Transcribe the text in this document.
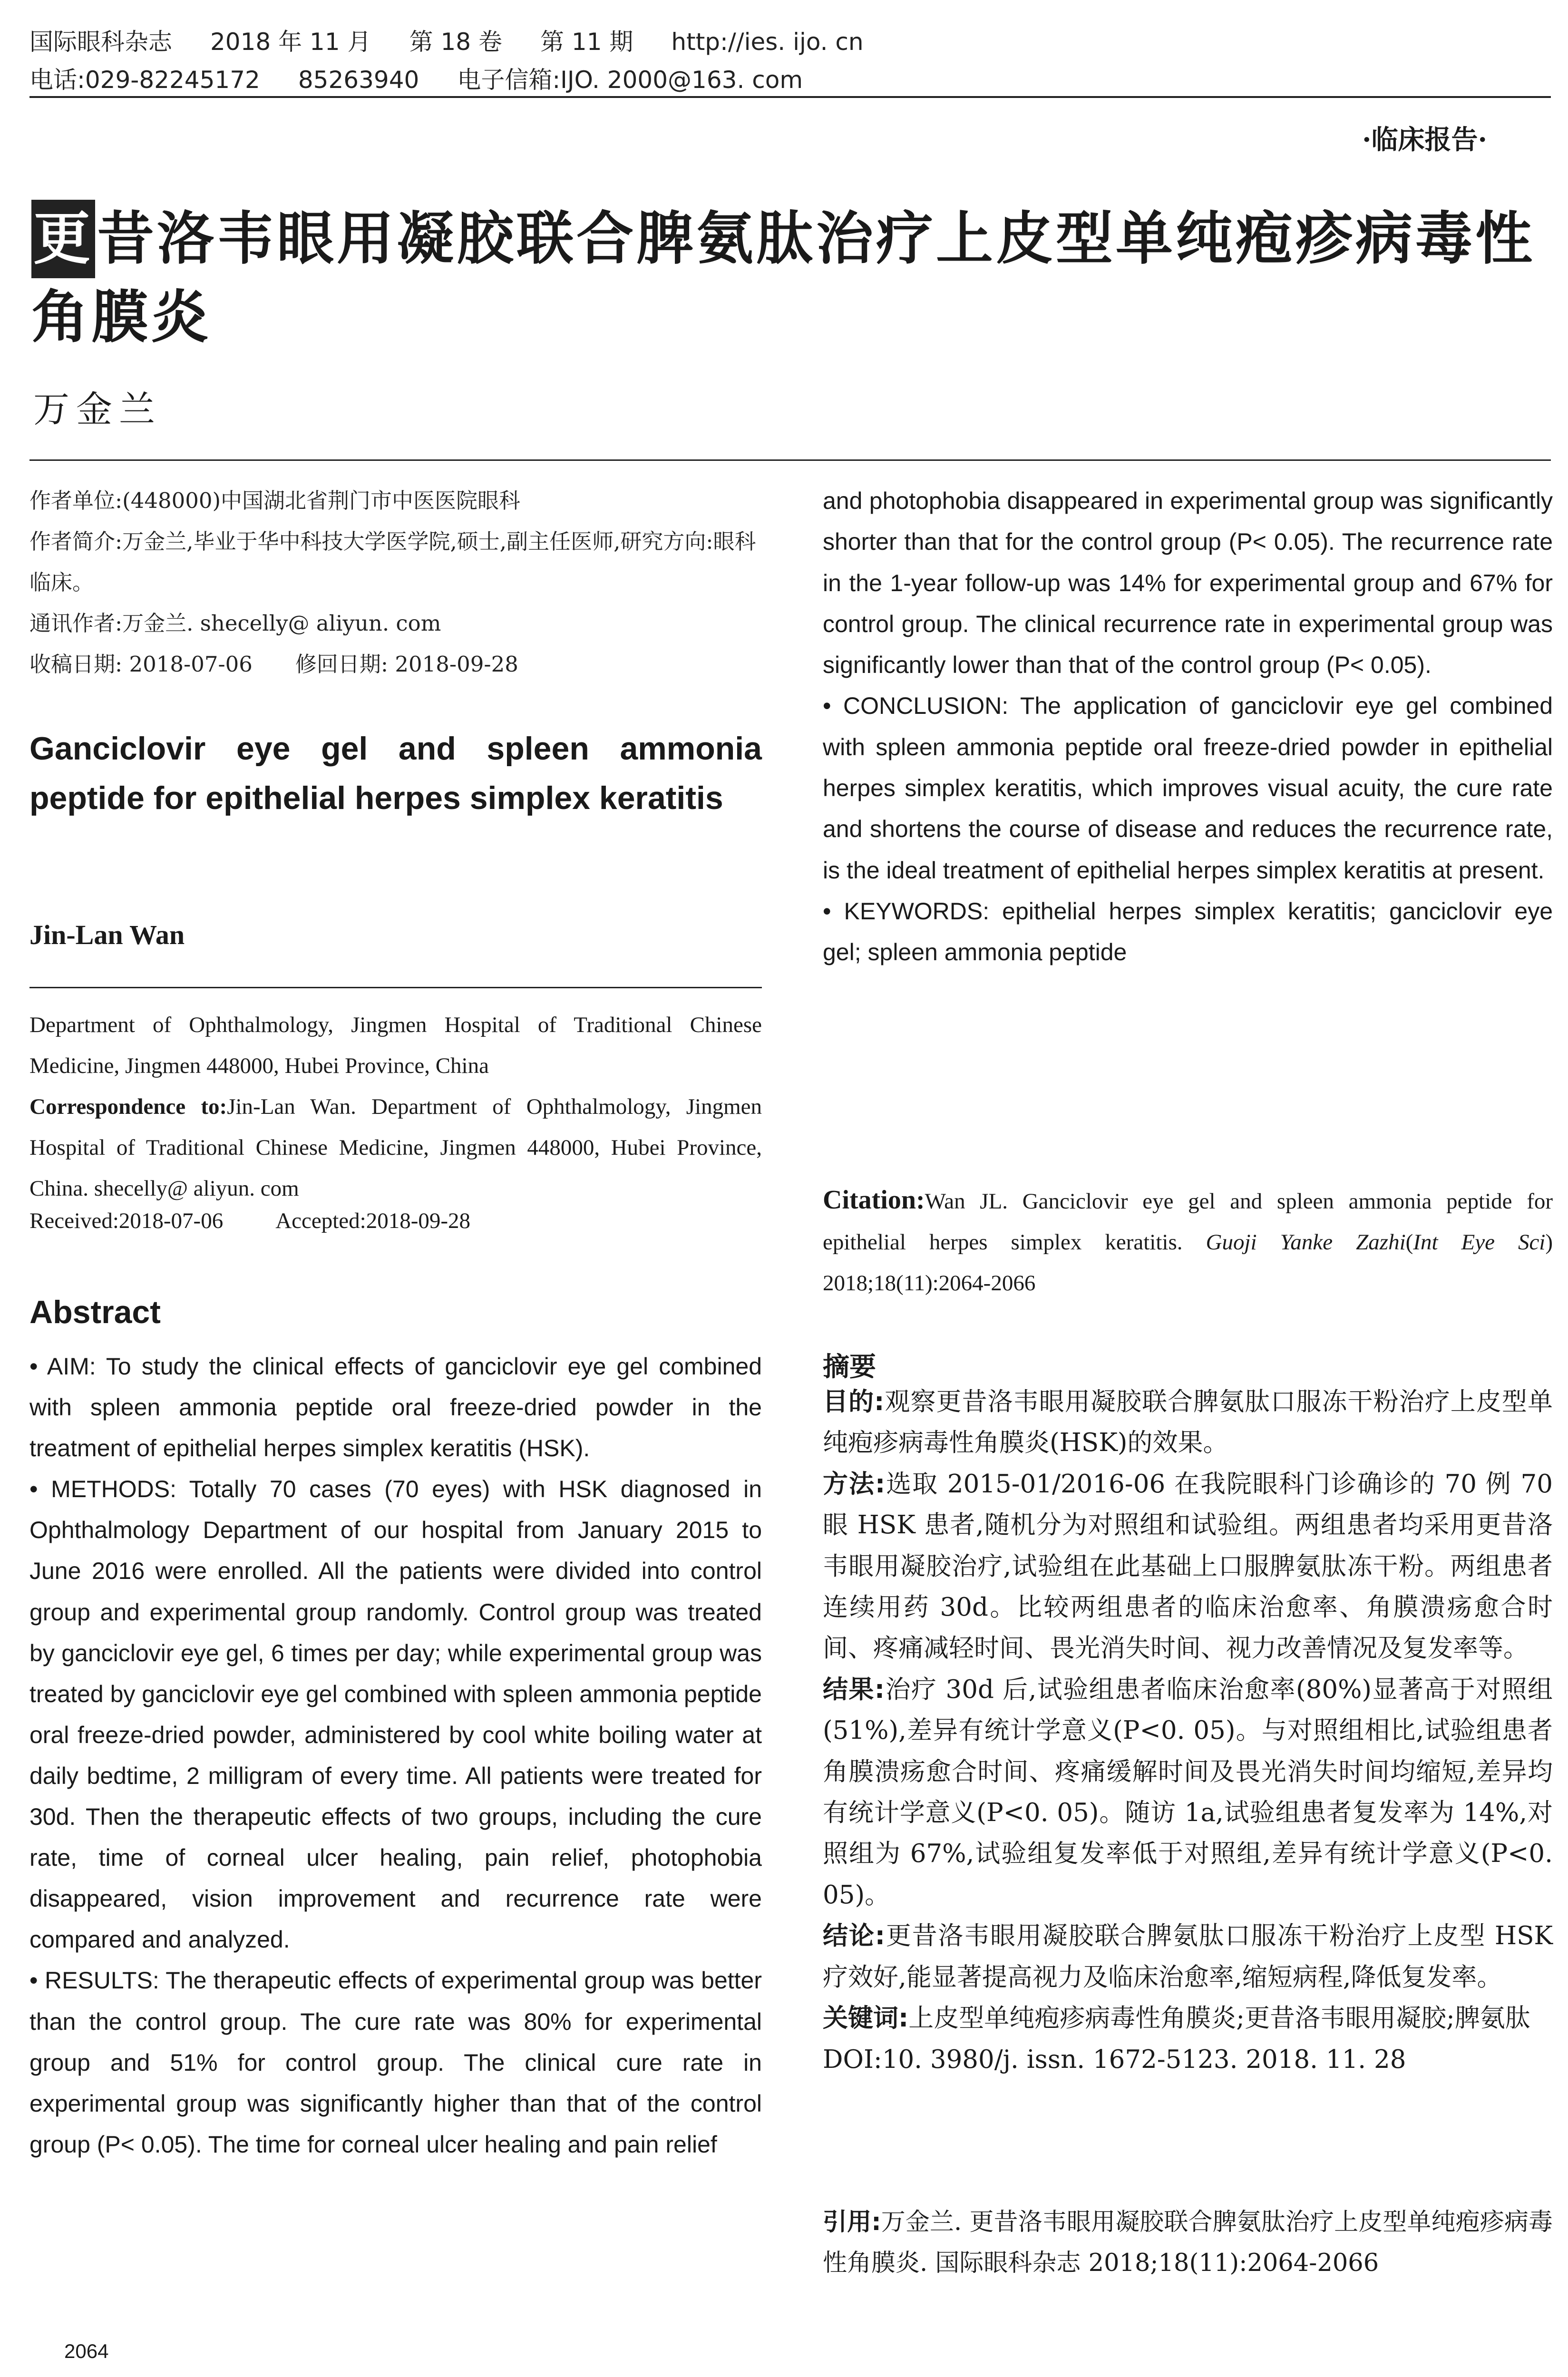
国际眼科杂志 2018 年 11 月 第 18 卷 第 11 期 http://ies. ijo. cn
电话:029-82245172 85263940 电子信箱:IJO. 2000@163. com
·临床报告·
更昔洛韦眼用凝胶联合脾氨肽治疗上皮型单纯疱疹病毒性角膜炎
万金兰

作者单位:(448000)中国湖北省荆门市中医医院眼科

作者简介:万金兰,毕业于华中科技大学医学院,硕士,副主任医师,研究方向:眼科临床。

通讯作者:万金兰. shecelly@ aliyun. com

收稿日期: 2018-07-06　　修回日期: 2018-09-28

Ganciclovir eye gel and spleen ammonia peptide for epithelial herpes simplex keratitis
Jin-Lan Wan
Department of Ophthalmology, Jingmen Hospital of Traditional Chinese Medicine, Jingmen 448000, Hubei Province, China
Correspondence to:Jin-Lan Wan. Department of Ophthalmology, Jingmen Hospital of Traditional Chinese Medicine, Jingmen 448000, Hubei Province, China. shecelly@ aliyun. com
Received:2018-07-06 Accepted:2018-09-28
Abstract

• AIM: To study the clinical effects of ganciclovir eye gel combined with spleen ammonia peptide oral freeze-dried powder in the treatment of epithelial herpes simplex keratitis (HSK).

• METHODS: Totally 70 cases (70 eyes) with HSK diagnosed in Ophthalmology Department of our hospital from January 2015 to June 2016 were enrolled. All the patients were divided into control group and experimental group randomly. Control group was treated by ganciclovir eye gel, 6 times per day; while experimental group was treated by ganciclovir eye gel combined with spleen ammonia peptide oral freeze-dried powder, administered by cool white boiling water at daily bedtime, 2 milligram of every time. All patients were treated for 30d. Then the therapeutic effects of two groups, including the cure rate, time of corneal ulcer healing, pain relief, photophobia disappeared, vision improvement and recurrence rate were compared and analyzed.

• RESULTS: The therapeutic effects of experimental group was better than the control group. The cure rate was 80% for experimental group and 51% for control group. The clinical cure rate in experimental group was significantly higher than that of the control group (P< 0.05). The time for corneal ulcer healing and pain relief

and photophobia disappeared in experimental group was significantly shorter than that for the control group (P< 0.05). The recurrence rate in the 1-year follow-up was 14% for experimental group and 67% for control group. The clinical recurrence rate in experimental group was significantly lower than that of the control group (P< 0.05).

• CONCLUSION: The application of ganciclovir eye gel combined with spleen ammonia peptide oral freeze-dried powder in epithelial herpes simplex keratitis, which improves visual acuity, the cure rate and shortens the course of disease and reduces the recurrence rate, is the ideal treatment of epithelial herpes simplex keratitis at present.

• KEYWORDS: epithelial herpes simplex keratitis; ganciclovir eye gel; spleen ammonia peptide

Citation:Wan JL. Ganciclovir eye gel and spleen ammonia peptide for epithelial herpes simplex keratitis. Guoji Yanke Zazhi(Int Eye Sci) 2018;18(11):2064-2066
摘要

目的:观察更昔洛韦眼用凝胶联合脾氨肽口服冻干粉治疗上皮型单纯疱疹病毒性角膜炎(HSK)的效果。

方法:选取 2015-01/2016-06 在我院眼科门诊确诊的 70 例 70 眼 HSK 患者,随机分为对照组和试验组。两组患者均采用更昔洛韦眼用凝胶治疗,试验组在此基础上口服脾氨肽冻干粉。两组患者连续用药 30d。比较两组患者的临床治愈率、角膜溃疡愈合时间、疼痛减轻时间、畏光消失时间、视力改善情况及复发率等。

结果:治疗 30d 后,试验组患者临床治愈率(80%)显著高于对照组(51%),差异有统计学意义(P<0. 05)。与对照组相比,试验组患者角膜溃疡愈合时间、疼痛缓解时间及畏光消失时间均缩短,差异均有统计学意义(P<0. 05)。随访 1a,试验组患者复发率为 14%,对照组为 67%,试验组复发率低于对照组,差异有统计学意义(P<0. 05)。

结论:更昔洛韦眼用凝胶联合脾氨肽口服冻干粉治疗上皮型 HSK 疗效好,能显著提高视力及临床治愈率,缩短病程,降低复发率。

关键词:上皮型单纯疱疹病毒性角膜炎;更昔洛韦眼用凝胶;脾氨肽

DOI:10. 3980/j. issn. 1672-5123. 2018. 11. 28

引用:万金兰. 更昔洛韦眼用凝胶联合脾氨肽治疗上皮型单纯疱疹病毒性角膜炎. 国际眼科杂志 2018;18(11):2064-2066
2064
